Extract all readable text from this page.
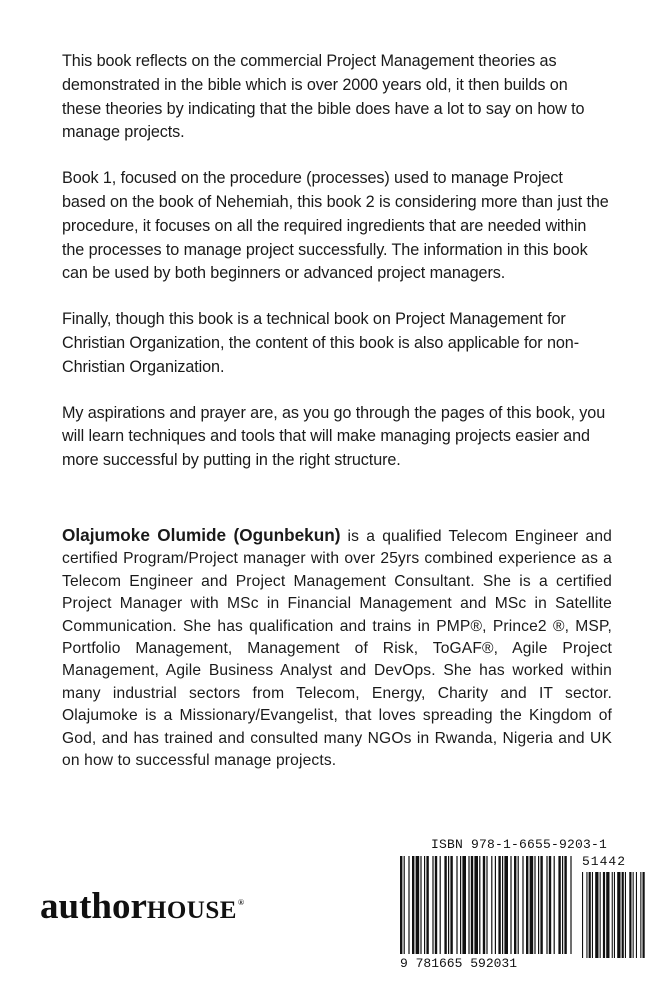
This book reflects on the commercial Project Management theories as demonstrated in the bible which is over 2000 years old, it then builds on these theories by indicating that the bible does have a lot to say on how to manage projects.

Book 1, focused on the procedure (processes) used to manage Project based on the book of Nehemiah, this book 2 is considering more than just the procedure, it focuses on all the required ingredients that are needed within the processes to manage project successfully. The information in this book can be used by both beginners or advanced project managers.

Finally, though this book is a technical book on Project Management for Christian Organization, the content of this book is also applicable for non-Christian Organization.

My aspirations and prayer are, as you go through the pages of this book, you will learn techniques and tools that will make managing projects easier and more successful by putting in the right structure.

Olajumoke Olumide (Ogunbekun) is a qualified Telecom Engineer and certified Program/Project manager with over 25yrs combined experience as a Telecom Engineer and Project Management Consultant. She is a certified Project Manager with MSc in Financial Management and MSc in Satellite Communication. She has qualification and trains in PMP®, Prince2 ®, MSP, Portfolio Management, Management of Risk, ToGAF®, Agile Project Management, Agile Business Analyst and DevOps. She has worked within many industrial sectors from Telecom, Energy, Charity and IT sector. Olajumoke is a Missionary/Evangelist, that loves spreading the Kingdom of God, and has trained and consulted many NGOs in Rwanda, Nigeria and UK on how to successful manage projects.
authorHOUSE®
ISBN 978-1-6655-9203-1
51442
9 781665 592031
